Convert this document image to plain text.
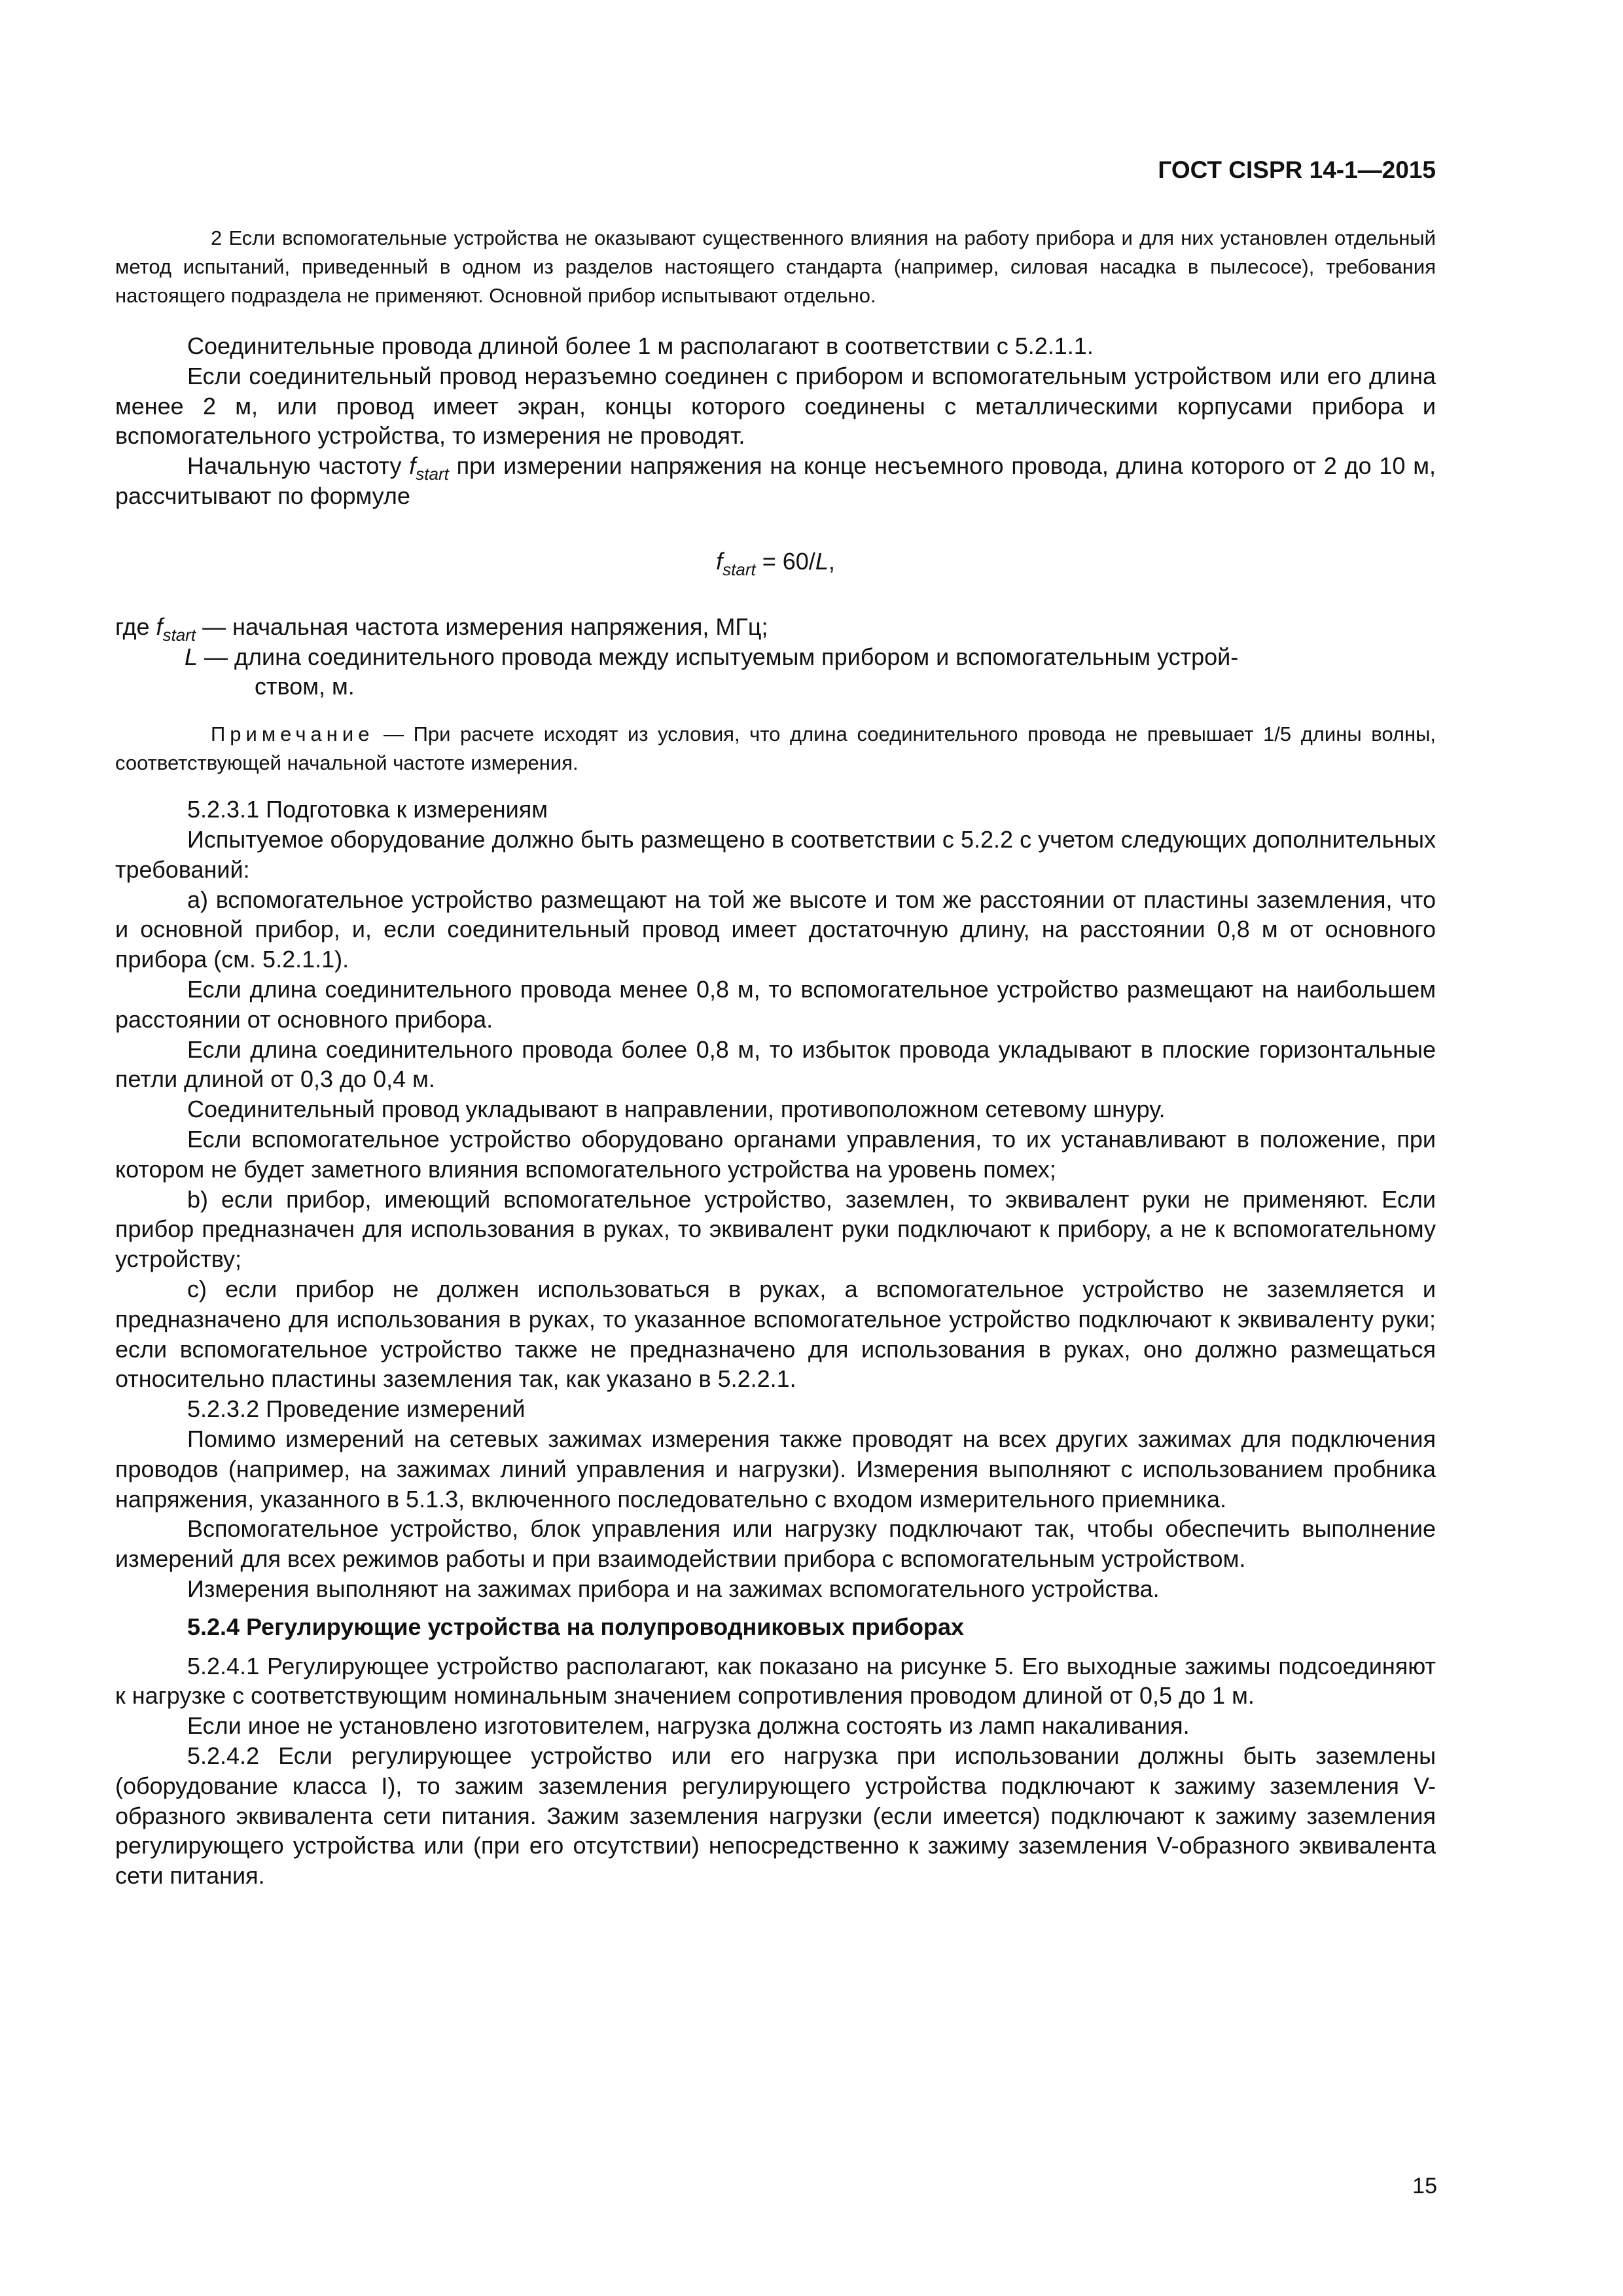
ГОСТ CISPR 14-1—2015
2 Если вспомогательные устройства не оказывают существенного влияния на работу прибора и для них установлен отдельный метод испытаний, приведенный в одном из разделов настоящего стандарта (например, силовая насадка в пылесосе), требования настоящего подраздела не применяют. Основной прибор испытывают отдельно.

Соединительные провода длиной более 1 м располагают в соответствии с 5.2.1.1.

Если соединительный провод неразъемно соединен с прибором и вспомогательным устройством или его длина менее 2 м, или провод имеет экран, концы которого соединены с металлическими корпусами прибора и вспомогательного устройства, то измерения не проводят.

Начальную частоту $f_{start}$ при измерении напряжения на конце несъемного провода, длина которого от 2 до 10 м, рассчитывают по формуле

$f_{start} = 60/L$,
где $f_{start}$ — начальная частота измерения напряжения, МГц;
L — длина соединительного провода между испытуемым прибором и вспомогательным устрой-
ством, м.
Примечание — При расчете исходят из условия, что длина соединительного провода не превышает 1/5 длины волны, соответствующей начальной частоте измерения.

5.2.3.1 Подготовка к измерениям

Испытуемое оборудование должно быть размещено в соответствии с 5.2.2 с учетом следующих дополнительных требований:

а) вспомогательное устройство размещают на той же высоте и том же расстоянии от пластины заземления, что и основной прибор, и, если соединительный провод имеет достаточную длину, на расстоянии 0,8 м от основного прибора (см. 5.2.1.1).

Если длина соединительного провода менее 0,8 м, то вспомогательное устройство размещают на наибольшем расстоянии от основного прибора.

Если длина соединительного провода более 0,8 м, то избыток провода укладывают в плоские горизонтальные петли длиной от 0,3 до 0,4 м.

Соединительный провод укладывают в направлении, противоположном сетевому шнуру.

Если вспомогательное устройство оборудовано органами управления, то их устанавливают в положение, при котором не будет заметного влияния вспомогательного устройства на уровень помех;

b) если прибор, имеющий вспомогательное устройство, заземлен, то эквивалент руки не применяют. Если прибор предназначен для использования в руках, то эквивалент руки подключают к прибору, а не к вспомогательному устройству;

с) если прибор не должен использоваться в руках, а вспомогательное устройство не заземляется и предназначено для использования в руках, то указанное вспомогательное устройство подключают к эквиваленту руки; если вспомогательное устройство также не предназначено для использования в руках, оно должно размещаться относительно пластины заземления так, как указано в 5.2.2.1.

5.2.3.2 Проведение измерений

Помимо измерений на сетевых зажимах измерения также проводят на всех других зажимах для подключения проводов (например, на зажимах линий управления и нагрузки). Измерения выполняют с использованием пробника напряжения, указанного в 5.1.3, включенного последовательно с входом измерительного приемника.

Вспомогательное устройство, блок управления или нагрузку подключают так, чтобы обеспечить выполнение измерений для всех режимов работы и при взаимодействии прибора с вспомогательным устройством.

Измерения выполняют на зажимах прибора и на зажимах вспомогательного устройства.

5.2.4 Регулирующие устройства на полупроводниковых приборах

5.2.4.1 Регулирующее устройство располагают, как показано на рисунке 5. Его выходные зажимы подсоединяют к нагрузке с соответствующим номинальным значением сопротивления проводом длиной от 0,5 до 1 м.

Если иное не установлено изготовителем, нагрузка должна состоять из ламп накаливания.

5.2.4.2 Если регулирующее устройство или его нагрузка при использовании должны быть заземлены (оборудование класса I), то зажим заземления регулирующего устройства подключают к зажиму заземления V-образного эквивалента сети питания. Зажим заземления нагрузки (если имеется) подключают к зажиму заземления регулирующего устройства или (при его отсутствии) непосредственно к зажиму заземления V-образного эквивалента сети питания.

15
